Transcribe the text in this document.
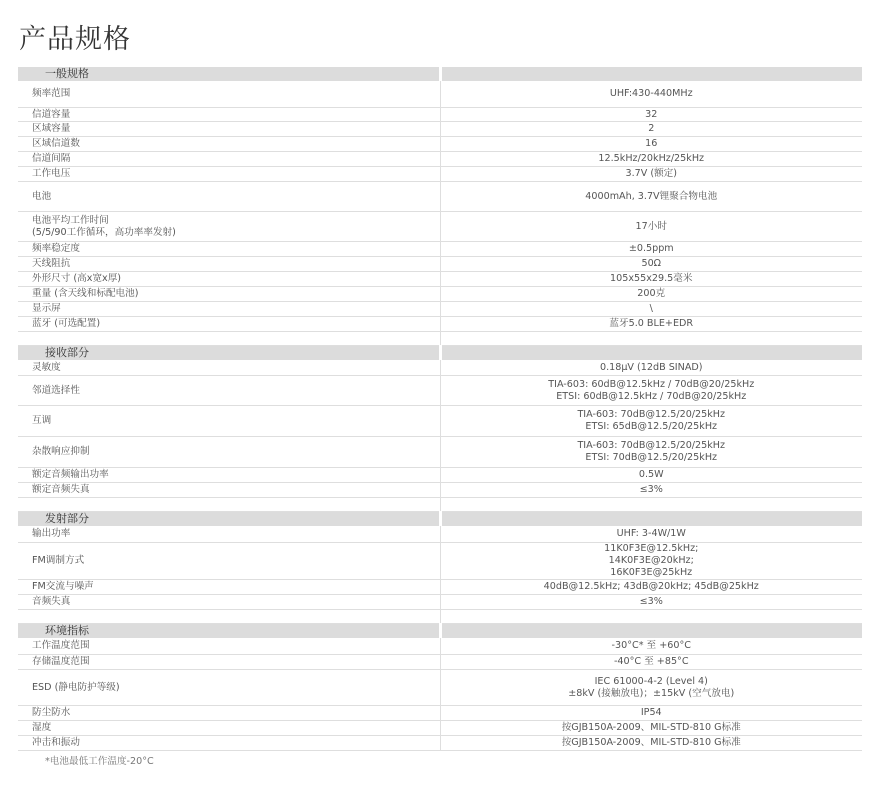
产品规格
一般规格	
频率范围	UHF:430-440MHz
信道容量	32
区域容量	2
区域信道数	16
信道间隔	12.5kHz/20kHz/25kHz
工作电压	3.7V (额定)
电池	4000mAh, 3.7V锂聚合物电池
电池平均工作时间
(5/5/90工作循环，高功率率发射)	17小时
频率稳定度	±0.5ppm
天线阻抗	50Ω
外形尺寸 (高x宽x厚)	105x55x29.5毫米
重量 (含天线和标配电池)	200克
显示屏	\
蓝牙 (可选配置)	蓝牙5.0 BLE+EDR

接收部分	
灵敏度	0.18μV (12dB SINAD)
邻道选择性	TIA-603: 60dB@12.5kHz / 70dB@20/25kHz
ETSI: 60dB@12.5kHz / 70dB@20/25kHz
互调	TIA-603: 70dB@12.5/20/25kHz
ETSI: 65dB@12.5/20/25kHz
杂散响应抑制	TIA-603: 70dB@12.5/20/25kHz
ETSI: 70dB@12.5/20/25kHz
额定音频输出功率	0.5W
额定音频失真	≤3%

发射部分	
输出功率	UHF: 3-4W/1W
FM调制方式	11K0F3E@12.5kHz;
14K0F3E@20kHz;
16K0F3E@25kHz
FM交流与噪声	40dB@12.5kHz; 43dB@20kHz; 45dB@25kHz
音频失真	≤3%

环境指标	
工作温度范围	-30°C* 至 +60°C
存储温度范围	-40°C 至 +85°C
ESD (静电防护等级)	IEC 61000-4-2 (Level 4)
±8kV (接触放电)；±15kV (空气放电)
防尘防水	IP54
湿度	按GJB150A-2009、MIL-STD-810 G标准
冲击和振动	按GJB150A-2009、MIL-STD-810 G标准

*电池最低工作温度-20°C
